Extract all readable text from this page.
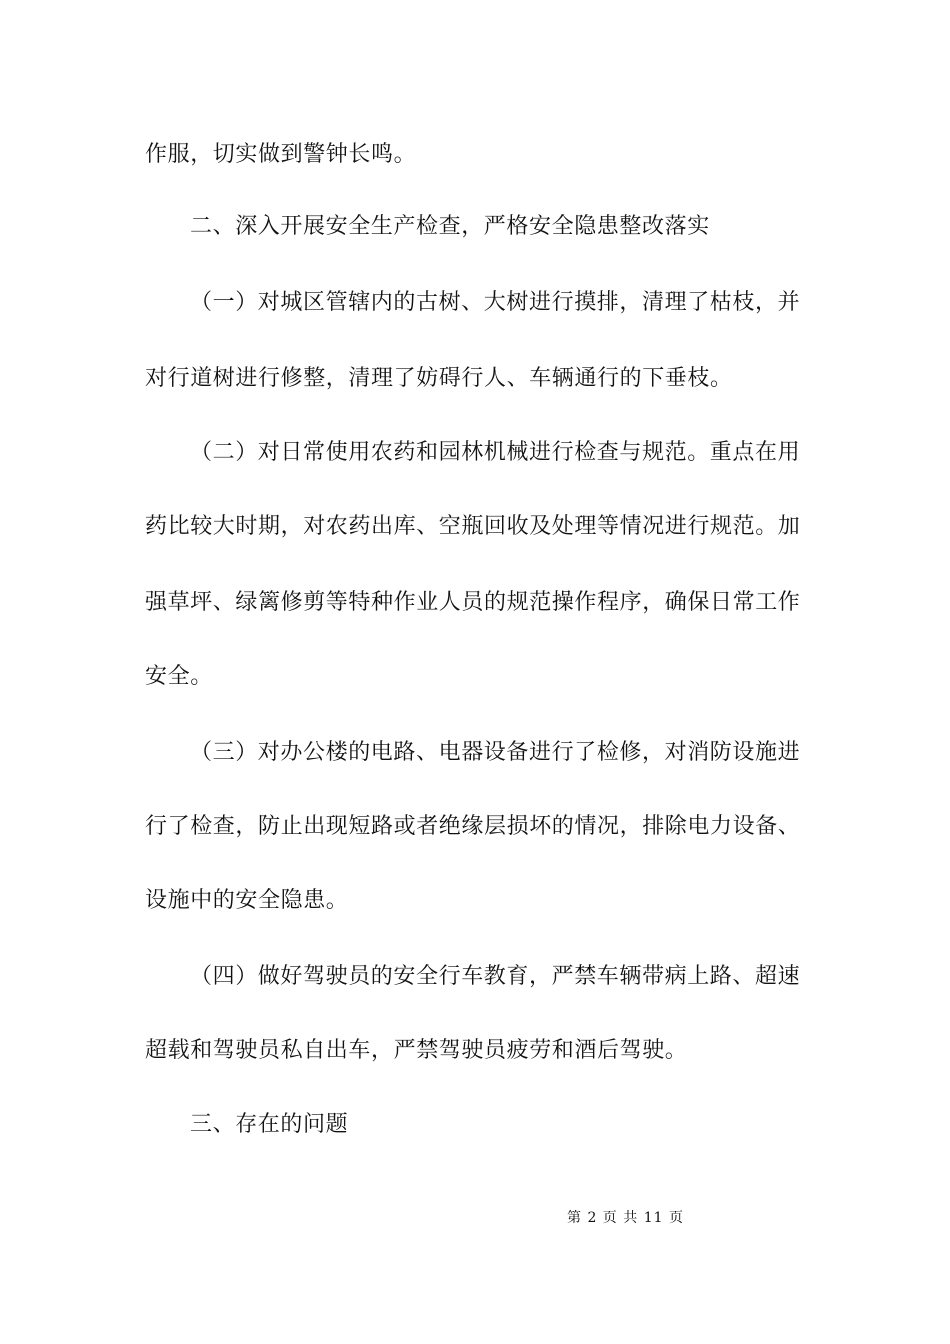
作服，切实做到警钟长鸣。
二、深入开展安全生产检查，严格安全隐患整改落实
（一）对城区管辖内的古树、大树进行摸排，清理了枯枝，并
对行道树进行修整，清理了妨碍行人、车辆通行的下垂枝。
（二）对日常使用农药和园林机械进行检查与规范。重点在用
药比较大时期，对农药出库、空瓶回收及处理等情况进行规范。加
强草坪、绿篱修剪等特种作业人员的规范操作程序，确保日常工作
安全。
（三）对办公楼的电路、电器设备进行了检修，对消防设施进
行了检查，防止出现短路或者绝缘层损坏的情况，排除电力设备、
设施中的安全隐患。
（四）做好驾驶员的安全行车教育，严禁车辆带病上路、超速
超载和驾驶员私自出车，严禁驾驶员疲劳和酒后驾驶。
三、存在的问题
第 2 页 共 11 页
